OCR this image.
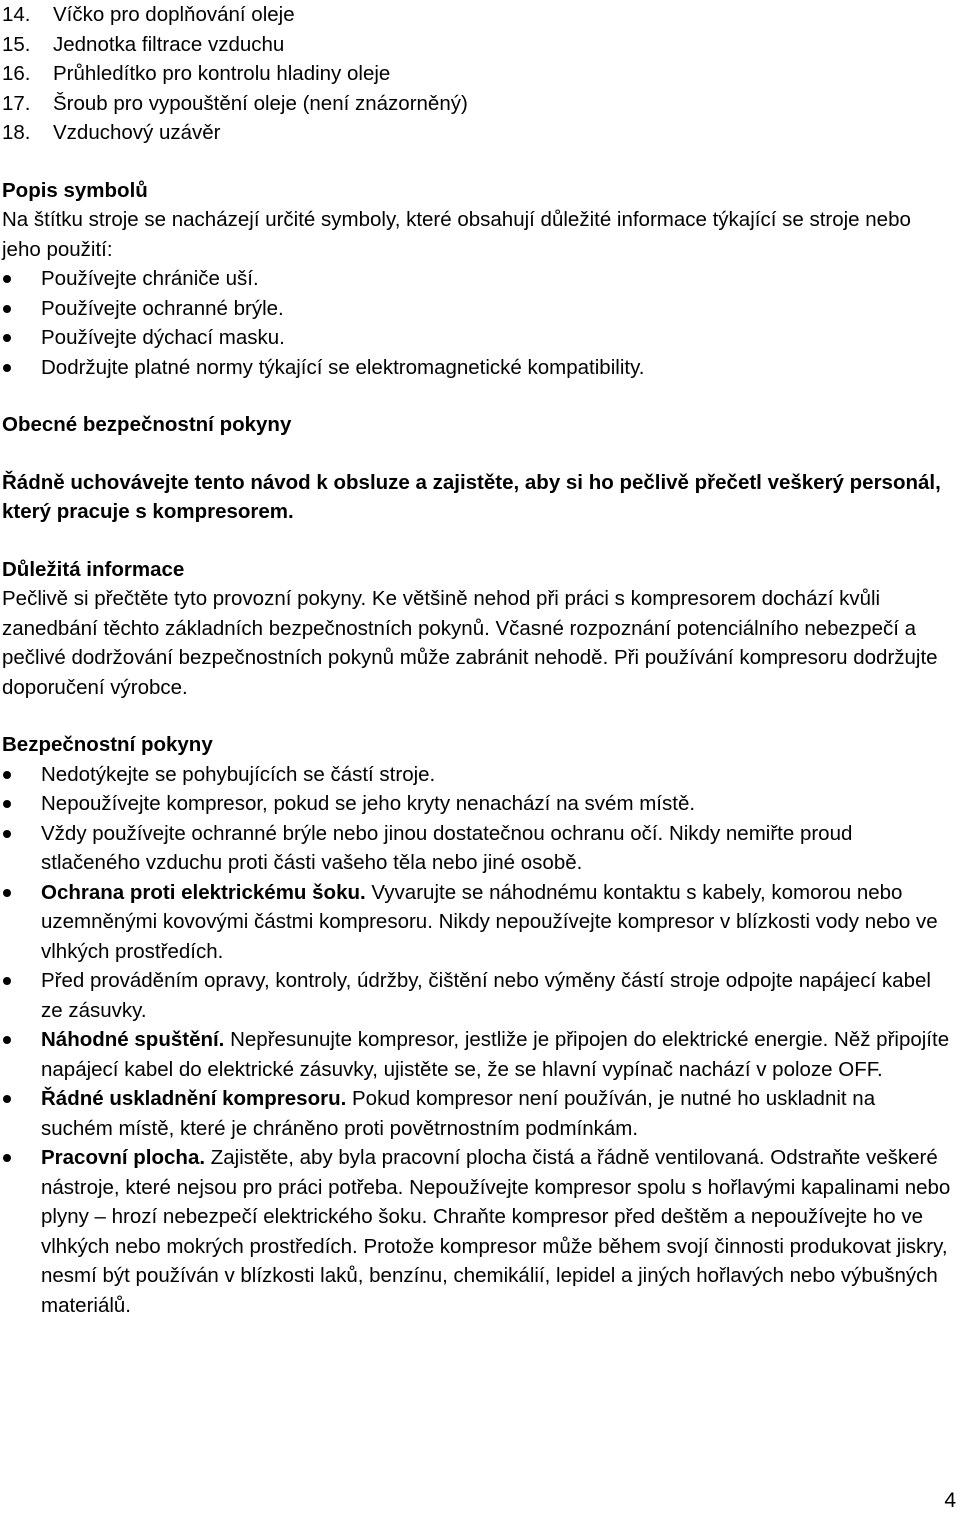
14.	Víčko pro doplňování oleje
15.	Jednotka filtrace vzduchu
16.	Průhledítko pro kontrolu hladiny oleje
17.	Šroub pro vypouštění oleje (není znázorněný)
18.	Vzduchový uzávěr

Popis symbolů

Na štítku stroje se nacházejí určité symboly, které obsahují důležité informace týkající se stroje nebo jeho použití:

Používejte chrániče uší.
Používejte ochranné brýle.
Používejte dýchací masku.
Dodržujte platné normy týkající se elektromagnetické kompatibility.

Obecné bezpečnostní pokyny

Řádně uchovávejte tento návod k obsluze a zajistěte, aby si ho pečlivě přečetl veškerý personál, který pracuje s kompresorem.

Důležitá informace

Pečlivě si přečtěte tyto provozní pokyny. Ke většině nehod při práci s kompresorem dochází kvůli zanedbání těchto základních bezpečnostních pokynů. Včasné rozpoznání potenciálního nebezpečí a pečlivé dodržování bezpečnostních pokynů může zabránit nehodě. Při používání kompresoru dodržujte doporučení výrobce.

Bezpečnostní pokyny

Nedotýkejte se pohybujících se částí stroje.
Nepoužívejte kompresor, pokud se jeho kryty nenachází na svém místě.
Vždy používejte ochranné brýle nebo jinou dostatečnou ochranu očí. Nikdy nemiřte proud stlačeného vzduchu proti části vašeho těla nebo jiné osobě.
Ochrana proti elektrickému šoku. Vyvarujte se náhodnému kontaktu s kabely, komorou nebo uzemněnými kovovými částmi kompresoru. Nikdy nepoužívejte kompresor v blízkosti vody nebo ve vlhkých prostředích.
Před prováděním opravy, kontroly, údržby, čištění nebo výměny částí stroje odpojte napájecí kabel ze zásuvky.
Náhodné spuštění. Nepřesunujte kompresor, jestliže je připojen do elektrické energie. Něž připojíte napájecí kabel do elektrické zásuvky, ujistěte se, že se hlavní vypínač nachází v poloze OFF.
Řádné uskladnění kompresoru. Pokud kompresor není používán, je nutné ho uskladnit na suchém místě, které je chráněno proti povětrnostním podmínkám.
Pracovní plocha. Zajistěte, aby byla pracovní plocha čistá a řádně ventilovaná. Odstraňte veškeré nástroje, které nejsou pro práci potřeba. Nepoužívejte kompresor spolu s hořlavými kapalinami nebo plyny – hrozí nebezpečí elektrického šoku. Chraňte kompresor před deštěm a nepoužívejte ho ve vlhkých nebo mokrých prostředích. Protože kompresor může během svojí činnosti produkovat jiskry, nesmí být používán v blízkosti laků, benzínu, chemikálií, lepidel a jiných hořlavých nebo výbušných materiálů.
4
